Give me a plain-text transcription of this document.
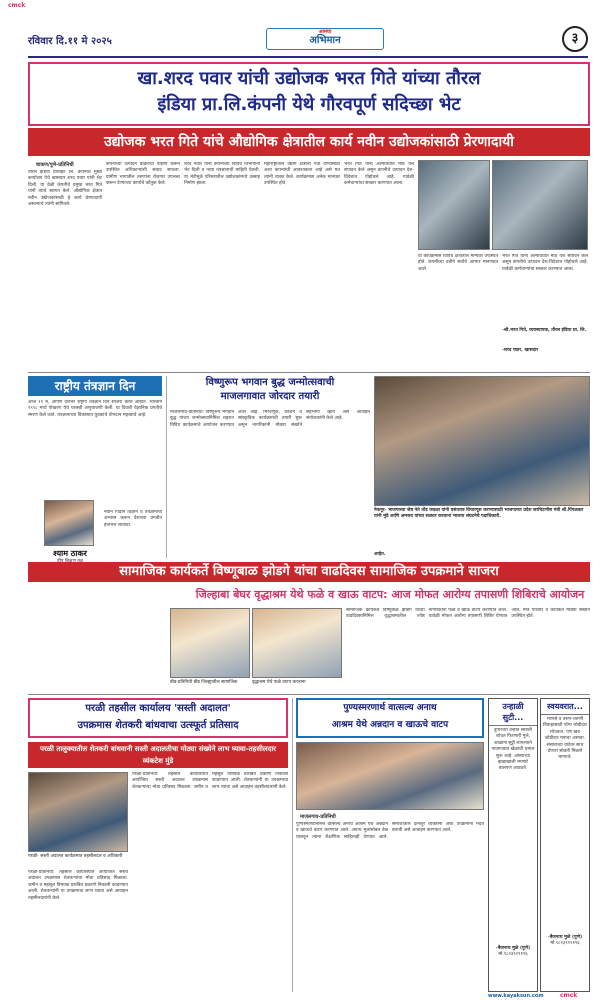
cmck
रविवार दि.११ मे २०२५
आमचा
अभिमान	३
खा.शरद पवार यांची उद्योजक भरत गिते यांच्या तौरल
इंडिया प्रा.लि.कंपनी येथे गौरवपूर्ण सदिच्छा भेट
उद्योजक भरत गिते यांचे औद्योगिक क्षेत्रातील कार्य नवीन उद्योजकांसाठी प्रेरणादायी
चाकण/पुणे-प्रतिनिधी
तौरल इंडिया प्रायव्हेट लि. कंपनीचे मुख्य कार्यालय येथे खासदार शरद पवार यांनी भेट दिली. या वेळी कंपनीचे प्रमुख भरत गिते यांनी त्यांचे स्वागत केले. औद्योगिक क्षेत्रात नवीन उद्योजकांसाठी हे कार्य प्रेरणादायी असल्याचे त्यांनी सांगितले.
कंपनीच्या उत्पादन प्रक्रियेची पाहणी करून उपस्थित अधिकाऱ्यांशी संवाद साधला. ग्रामीण भागातील तरुणांना रोजगार उपलब्ध करून देण्याच्या कार्याचे कौतुक केले.
शरद पवार यांनी कंपनीच्या विविध विभागांना भेट दिली व नव्या तंत्रज्ञानाची माहिती घेतली. या भेटीमुळे परिसरातील उद्योजकांमध्ये उत्साह निर्माण झाला.
महाराष्ट्रातील उद्योग क्षेत्राला गती देण्यासाठी अशा कंपन्यांची आवश्यकता आहे असे मत त्यांनी व्यक्त केले. कार्यक्रमास अनेक मान्यवर उपस्थित होते.
भरत गिते यांनी अल्पावधीत मोठे यश संपादन केले असून कंपनीचे उत्पादन देश-विदेशात पोहोचले आहे. यावेळी कर्मचाऱ्यांचा सत्कार करण्यात आला.
या कार्यक्रमास विविध क्षेत्रातील मान्यवर उपस्थित होते. कंपनीच्या वतीने सर्वांचे आभार मानण्यात आले.
भरत गिते यांनी अल्पावधीत मोठे यश संपादन केले असून कंपनीचे उत्पादन देश-विदेशात पोहोचले आहे. यावेळी कर्मचाऱ्यांचा सत्कार करण्यात आला.
-श्री.भरत गिते, व्यवस्थापक, तौरल इंडिया प्रा. लि.
-शरद पवार, खासदार
राष्ट्रीय तंत्रज्ञान दिन
आज ११ मे, आपण देशभर राष्ट्रीय तंत्रज्ञान दिन साजरा करत आहोत. भारताने १९९८ मध्ये पोखरण येथे यशस्वी अणुचाचणी केली. या दिवशी वैज्ञानिक प्रगतीचे स्मरण केले जाते. तंत्रज्ञानाच्या विकासात युवकांचे योगदान महत्त्वाचे आहे.
श्याम ठाकर
नवीन पिढीने विज्ञान व तंत्रज्ञानाचा अभ्यास करून देशाच्या प्रगतीत हातभार लावावा.
विष्णुरूप भगवान बुद्ध जन्मोत्सवाची
माजलगावात जोरदार तयारी
माजलगाव-प्रतिनिधी: विष्णुरूप भगवान बुद्ध यांच्या जन्मोत्सवानिमित्त शहरात विविध कार्यक्रमांचे आयोजन करण्यात आले आहे. मिरवणूक, प्रवचन व सांस्कृतिक कार्यक्रमांची तयारी सुरू असून नागरिकांनी मोठ्या संख्येने सहभागी व्हावे असे आवाहन संयोजकांनी केले आहे.
नेकनूर- भाजपाच्या जेष्ठ नेते तोंड जवळा यांनी वसंतराव विचारपूस करण्यासाठी भाजपाच्या प्रदेश सरचिटणीस मंत्री श्री.पिंपळकर यांनी मुंडे आणि अमजद यांच्या सत्कार करताना भाजपा संघटनेचे पदाधिकारी.
आहेत.
सामाजिक कार्यकर्ते विष्णूबाळ झोडगे यांचा वाढदिवस सामाजिक उपक्रमाने साजरा
जिल्हाबा बेघर वृद्धाश्रम येथे फळे व खाऊ वाटप: आज मोफत आरोग्य तपासणी शिबिराचे आयोजन
बीड-प्रतिनिधी बीड जिल्ह्यातील सामाजिक	वृद्धाश्रम येथे फळे वाटप करताना
सामाजिक कार्यकर्ते विष्णूबाळ झोडगे यांच्या वाढदिवसानिमित्त वृद्धाश्रमातील ज्येष्ठ नागरिकांना फळे व खाऊ वाटप करण्यात आले. यावेळी मोफत आरोग्य तपासणी शिबिर घेण्यात आले. मित्र परिवार व कार्यकर्ते मोठ्या संख्येने उपस्थित होते.
परळी तहसील कार्यालय 'सस्ती अदालत'
उपक्रमास शेतकरी बांधवाचा उत्स्फूर्त प्रतिसाद
परळी तालुक्यातील शेतकरी बांधवानी सस्ती अदालतीचा मोठ्या संख्येने लाभ घ्यावा-तहसीलदार व्यंकटेश मुंडे
परळी- सस्ती अदालत कार्यक्रमात तहसीलदार व अधिकारी
परळी-प्रतिनिधी: तहसील कार्यालयात आयोजित सस्ती अदालत उपक्रमास शेतकऱ्यांचा मोठा प्रतिसाद मिळाला. जमीन व महसूल विषयक प्रलंबित प्रकरणे निकाली काढण्यात आली. शेतकऱ्यांनी या उपक्रमाचा लाभ घ्यावा असे आवाहन तहसीलदारांनी केले.
परळी-प्रतिनिधी: तहसील कार्यालयात आयोजित सस्ती अदालत उपक्रमास शेतकऱ्यांचा मोठा प्रतिसाद मिळाला. जमीन व महसूल विषयक प्रलंबित प्रकरणे निकाली काढण्यात आली. शेतकऱ्यांनी या उपक्रमाचा लाभ घ्यावा असे आवाहन तहसीलदारांनी केले.
पुण्यस्मरणार्थ वात्सल्य अनाथ
आश्रम येथे अन्नदान व खाऊचे वाटप
माजलगाव-प्रतिनिधी
पुण्यस्मरणानिमित्त वात्सल्य अनाथ आश्रम येथे अन्नदान व खाऊचे वाटप करण्यात आले. अनाथ मुलांसोबत वेळ घालवून त्यांना शैक्षणिक साहित्यही देण्यात आले. समाजातील दानशूर व्यक्तींनी अशा उपक्रमांना मदत करावी असे आवाहन करण्यात आले.
उन्हाळी सुटी...
दुपारच्या उन्हात सावली शोधत फिरणारी मुले, शाळांना सुट्टी लागल्याने गावागावात खेळांची धमाल सुरू आहे. आंब्याच्या झाडाखाली रमणारे बालपण आठवते.
-बैजनाथ मुळे (पुणे)
मो.९८२३९२९१९६
स्वयवरात...
माणसे व तरुण-तरुणी विवाहासाठी योग्य जोडीदार शोधतात. पण खरा जोडीदार मनाचा असावा. संसाराच्या वाटेवर साथ देणारा सोबती मिळणे भाग्याचे.
-बैजनाथ मुळे (पुणे)
मो.९८२३९२९१९६
www.kayaksun.com	cmck
